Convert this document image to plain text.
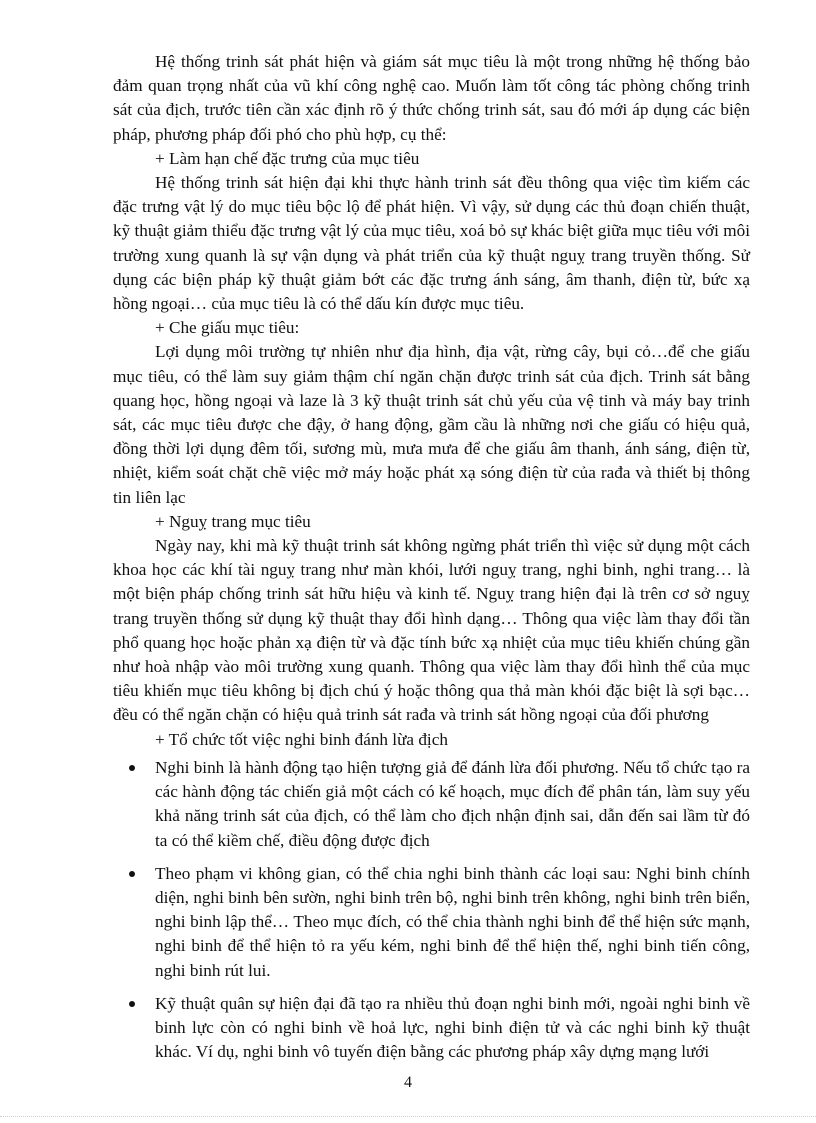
Hệ thống trinh sát phát hiện và giám sát mục tiêu là một trong những hệ thống bảo đảm quan trọng nhất của vũ khí công nghệ cao. Muốn làm tốt công tác phòng chống trinh sát của địch, trước tiên cần xác định rõ ý thức chống trinh sát, sau đó mới áp dụng các biện pháp, phương pháp đối phó cho phù hợp, cụ thể:

+ Làm hạn chế đặc trưng của mục tiêu

Hệ thống trinh sát hiện đại khi thực hành trinh sát đều thông qua việc tìm kiếm các đặc trưng vật lý do mục tiêu bộc lộ để phát hiện. Vì vậy, sử dụng các thủ đoạn chiến thuật, kỹ thuật giảm thiểu đặc trưng vật lý của mục tiêu, xoá bỏ sự khác biệt giữa mục tiêu với môi trường xung quanh là sự vận dụng và phát triển của kỹ thuật nguỵ trang truyền thống. Sử dụng các biện pháp kỹ thuật giảm bớt các đặc trưng ánh sáng, âm thanh, điện từ, bức xạ hồng ngoại… của mục tiêu là có thể dấu kín được mục tiêu.

+ Che giấu mục tiêu:

Lợi dụng môi trường tự nhiên như địa hình, địa vật, rừng cây, bụi cỏ…để che giấu mục tiêu, có thể làm suy giảm thậm chí ngăn chặn được trinh sát của địch. Trinh sát bằng quang học, hồng ngoại và laze là 3 kỹ thuật trinh sát chủ yếu của vệ tinh và máy bay trinh sát, các mục tiêu được che đậy, ở hang động, gầm cầu là những nơi che giấu có hiệu quả, đồng thời lợi dụng đêm tối, sương mù, mưa mưa để che giấu âm thanh, ánh sáng, điện từ, nhiệt, kiểm soát chặt chẽ việc mở máy hoặc phát xạ sóng điện từ của rađa và thiết bị thông tin liên lạc

+ Nguỵ trang mục tiêu

Ngày nay, khi mà kỹ thuật trinh sát không ngừng phát triển thì việc sử dụng một cách khoa học các khí tài nguỵ trang như màn khói, lưới nguỵ trang, nghi binh, nghi trang… là một biện pháp chống trinh sát hữu hiệu và kinh tế. Nguỵ trang hiện đại là trên cơ sở nguỵ trang truyền thống sử dụng kỹ thuật thay đổi hình dạng… Thông qua việc làm thay đổi tần phổ quang học hoặc phản xạ điện từ và đặc tính bức xạ nhiệt của mục tiêu khiến chúng gần như hoà nhập vào môi trường xung quanh. Thông qua việc làm thay đổi hình thể của mục tiêu khiến mục tiêu không bị địch chú ý hoặc thông qua thả màn khói đặc biệt là sợi bạc…đều có thể ngăn chặn có hiệu quả trinh sát rađa và trinh sát hồng ngoại của đối phương

+ Tổ chức tốt việc nghi binh đánh lừa địch

Nghi binh là hành động tạo hiện tượng giả để đánh lừa đối phương. Nếu tổ chức tạo ra các hành động tác chiến giả một cách có kế hoạch, mục đích để phân tán, làm suy yếu khả năng trinh sát của địch, có thể làm cho địch nhận định sai, dẫn đến sai lầm từ đó ta có thể kiềm chế, điều động được địch
Theo phạm vi không gian, có thể chia nghi binh thành các loại sau: Nghi binh chính diện, nghi binh bên sườn, nghi binh trên bộ, nghi binh trên không, nghi binh trên biển, nghi binh lập thể… Theo mục đích, có thể chia thành nghi binh để thể hiện sức mạnh, nghi binh để thể hiện tỏ ra yếu kém, nghi binh để thể hiện thế, nghi binh tiến công, nghi binh rút lui.
Kỹ thuật quân sự hiện đại đã tạo ra nhiều thủ đoạn nghi binh mới, ngoài nghi binh về binh lực còn có nghi binh về hoả lực, nghi binh điện tử và các nghi binh kỹ thuật khác. Ví dụ, nghi binh vô tuyến điện bằng các phương pháp xây dựng mạng lưới
4
